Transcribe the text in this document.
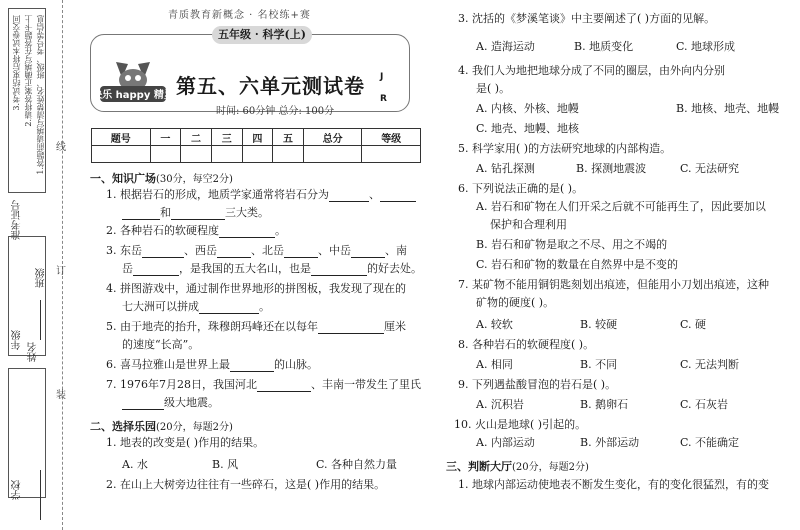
线
订
装
1.答题前请填写清楚姓名、班级、考号等信息
2.请将答案正确填写在答题卡上
3.考试结束后将本试卷交回
准考证号
班级
年级
姓名
学校
青质教育新概念 · 名校练+赛
五年级 · 科学(上)
快乐 happy 精灵 第五、六单元测试卷
时间: 60分钟 总分: 100分
J
R
题号	一	二	三	四	五	总分	等级

一、知识广场(30分，每空2分)
1. 根据岩石的形成，地质学家通常将岩石分为	、
和	三大类。
2. 各种岩石的软硬程度	。
3. 东岳	、西岳	、北岳	、中岳	、南
岳	，是我国的五大名山，也是	的好去处。
4. 拼图游戏中，通过制作世界地形的拼图板，我发现了现在的
七大洲可以拼成	。
5. 由于地壳的抬升，珠穆朗玛峰还在以每年	厘米
的速度“长高”。
6. 喜马拉雅山是世界上最	的山脉。
7. 1976年7月28日，我国河北	、丰南一带发生了里氏
级大地震。
二、选择乐园(20分，每题2分)
1. 地表的改变是( )作用的结果。
A. 水	B. 风	C. 各种自然力量
2. 在山上大树旁边往往有一些碎石，这是( )作用的结果。
3. 沈括的《梦溪笔谈》中主要阐述了( )方面的见解。
A. 造海运动	B. 地质变化	C. 地球形成
4. 我们人为地把地球分成了不同的圈层，由外向内分别
是( )。
A. 内核、外核、地幔	B. 地核、地壳、地幔
C. 地壳、地幔、地核
5. 科学家用( )的方法研究地球的内部构造。
A. 钻孔探测	B. 探测地震波	C. 无法研究
6. 下列说法正确的是( )。
A. 岩石和矿物在人们开采之后就不可能再生了，因此要加以
保护和合理利用
B. 岩石和矿物是取之不尽、用之不竭的
C. 岩石和矿物的数量在自然界中是不变的
7. 某矿物不能用铜钥匙刻划出痕迹，但能用小刀划出痕迹，这种
矿物的硬度( )。
A. 较软	B. 较硬	C. 硬
8. 各种岩石的软硬程度( )。
A. 相同	B. 不同	C. 无法判断
9. 下列遇盐酸冒泡的岩石是( )。
A. 沉积岩	B. 鹅卵石	C. 石灰岩
10. 火山是地球( )引起的。
A. 内部运动	B. 外部运动	C. 不能确定
三、判断大厅(20分，每题2分)
1. 地球内部运动使地表不断发生变化，有的变化很猛烈，有的变
